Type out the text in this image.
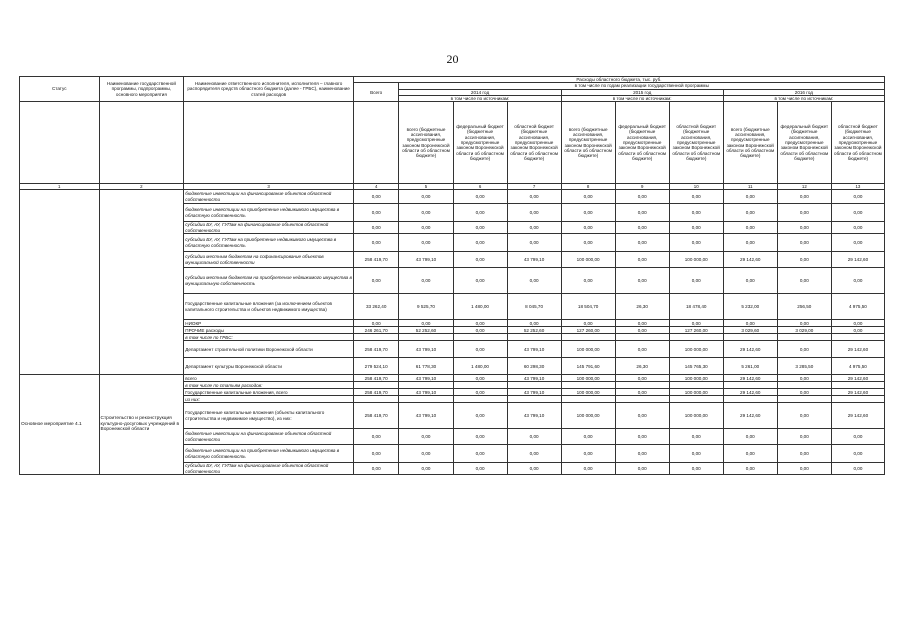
20
Статус	Наименование государственной программы, подпрограммы, основного мероприятия	Наименование ответственного исполнителя, исполнителя – главного распорядителя средств областного бюджета (далее - ГРБС), наименование статей расходов	Расходы областного бюджета, тыс. руб.									
			Всего	в том числе по годам реализации государственной программы								
				2014 год			2015 год			2016 год		
				в том числе по источникам:			в том числе по источникам:			в том числе по источникам:		
				всего (бюджетные ассигнования, предусмотренные законом Воронежской области об областном бюджете)	федеральный бюджет (бюджетные ассигнования, предусмотренные законом Воронежской области об областном бюджете)	областной бюджет (бюджетные ассигнования, предусмотренные законом Воронежской области об областном бюджете)	всего (бюджетные ассигнования, предусмотренные законом Воронежской области об областном бюджете)	федеральный бюджет (бюджетные ассигнования, предусмотренные законом Воронежской области об областном бюджете)	областной бюджет (бюджетные ассигнования, предусмотренные законом Воронежской области об областном бюджете)	всего (бюджетные ассигнования, предусмотренные законом Воронежской области об областном бюджете)	федеральный бюджет (бюджетные ассигнования, предусмотренные законом Воронежской области об областном бюджете)	областной бюджет (бюджетные ассигнования, предусмотренные законом Воронежской области об областном бюджете)
1	2	3	4	5	6	7	8	9	10	11	12	13
		бюджетные инвестиции на финансирование объектов областной собственности	0,00	0,00	0,00	0,00	0,00	0,00	0,00	0,00	0,00	0,00
		бюджетные инвестиции на приобретение недвижимого имущества в областную собственность	0,00	0,00	0,00	0,00	0,00	0,00	0,00	0,00	0,00	0,00
		субсидии БУ, АУ, ГУПам на финансирование объектов областной собственности	0,00	0,00	0,00	0,00	0,00	0,00	0,00	0,00	0,00	0,00
		субсидии БУ, АУ, ГУПам на приобретение недвижимого имущества в областную собственность	0,00	0,00	0,00	0,00	0,00	0,00	0,00	0,00	0,00	0,00
		субсидии местным бюджетам на софинансирование объектов муниципальной собственности	258 419,70	43 799,10	0,00	43 799,10	100 000,00	0,00	100 000,00	29 142,60	0,00	29 142,60
		субсидии местным бюджетам на приобретение недвижимого имущества в муниципальную собственность	0,00	0,00	0,00	0,00	0,00	0,00	0,00	0,00	0,00	0,00
		Государственные капитальные вложения (за исключением объектов капитального строительства и объектов недвижимого имущества)	33 262,40	9 525,70	1 480,00	8 045,70	18 504,70	26,30	18 478,40	5 232,00	256,50	4 975,50
		НИОКР	0,00	0,00	0,00	0,00	0,00	0,00	0,00	0,00	0,00	0,00
		ПРОЧИЕ расходы	246 261,70	52 252,60	0,00	52 252,60	127 260,00	0,00	127 260,00	3 029,60	3 029,00	0,00
		в том числе по ГРБС:										
		Департамент строительной политики Воронежской области	258 419,70	43 799,10	0,00	43 799,10	100 000,00	0,00	100 000,00	29 142,60	0,00	29 142,60
		Департамент культуры Воронежской области	279 524,10	61 778,30	1 480,00	60 298,30	145 791,60	26,30	145 765,30	5 261,00	3 285,50	4 975,50
Основное мероприятие 4.1	Строительство и реконструкция культурно-досуговых учреждений в Воронежской области	всего	258 419,70	43 799,10	0,00	43 799,10	100 000,00	0,00	100 000,00	29 142,60	0,00	29 142,60
		в том числе по статьям расходов:										
		Государственные капитальные вложения, всего	258 419,70	43 799,10	0,00	43 799,10	100 000,00	0,00	100 000,00	29 142,60	0,00	29 142,60
		из них:										
		Государственные капитальные вложения (объекты капитального строительства и недвижимое имущество), из них:	258 419,70	43 799,10	0,00	43 799,10	100 000,00	0,00	100 000,00	29 142,60	0,00	29 142,60
		бюджетные инвестиции на финансирование объектов областной собственности	0,00	0,00	0,00	0,00	0,00	0,00	0,00	0,00	0,00	0,00
		бюджетные инвестиции на приобретение недвижимого имущества в областную собственность	0,00	0,00	0,00	0,00	0,00	0,00	0,00	0,00	0,00	0,00
		субсидии БУ, АУ, ГУПам на финансирование объектов областной собственности	0,00	0,00	0,00	0,00	0,00	0,00	0,00	0,00	0,00	0,00
